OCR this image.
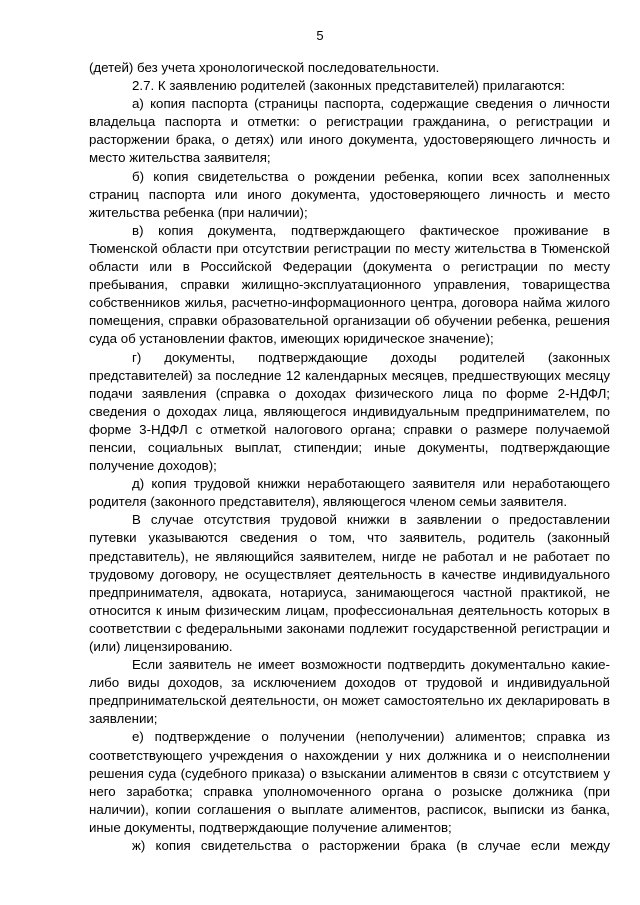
5

(детей) без учета хронологической последовательности.

2.7. К заявлению родителей (законных представителей) прилагаются:

а) копия паспорта (страницы паспорта, содержащие сведения о личности владельца паспорта и отметки: о регистрации гражданина, о регистрации и расторжении брака, о детях) или иного документа, удостоверяющего личность и место жительства заявителя;

б) копия свидетельства о рождении ребенка, копии всех заполненных страниц паспорта или иного документа, удостоверяющего личность и место жительства ребенка (при наличии);

в) копия документа, подтверждающего фактическое проживание в Тюменской области при отсутствии регистрации по месту жительства в Тюменской области или в Российской Федерации (документа о регистрации по месту пребывания, справки жилищно-эксплуатационного управления, товарищества собственников жилья, расчетно-информационного центра, договора найма жилого помещения, справки образовательной организации об обучении ребенка, решения суда об установлении фактов, имеющих юридическое значение);

г) документы, подтверждающие доходы родителей (законных представителей) за последние 12 календарных месяцев, предшествующих месяцу подачи заявления (справка о доходах физического лица по форме 2-НДФЛ; сведения о доходах лица, являющегося индивидуальным предпринимателем, по форме 3-НДФЛ с отметкой налогового органа; справки о размере получаемой пенсии, социальных выплат, стипендии; иные документы, подтверждающие получение доходов);

д) копия трудовой книжки неработающего заявителя или неработающего родителя (законного представителя), являющегося членом семьи заявителя.

В случае отсутствия трудовой книжки в заявлении о предоставлении путевки указываются сведения о том, что заявитель, родитель (законный представитель), не являющийся заявителем, нигде не работал и не работает по трудовому договору, не осуществляет деятельность в качестве индивидуального предпринимателя, адвоката, нотариуса, занимающегося частной практикой, не относится к иным физическим лицам, профессиональная деятельность которых в соответствии с федеральными законами подлежит государственной регистрации и (или) лицензированию.

Если заявитель не имеет возможности подтвердить документально какие-либо виды доходов, за исключением доходов от трудовой и индивидуальной предпринимательской деятельности, он может самостоятельно их декларировать в заявлении;

е) подтверждение о получении (неполучении) алиментов; справка из соответствующего учреждения о нахождении у них должника и о неисполнении решения суда (судебного приказа) о взыскании алиментов в связи с отсутствием у него заработка; справка уполномоченного органа о розыске должника (при наличии), копии соглашения о выплате алиментов, расписок, выписки из банка, иные документы, подтверждающие получение алиментов;

ж) копия свидетельства о расторжении брака (в случае если между
